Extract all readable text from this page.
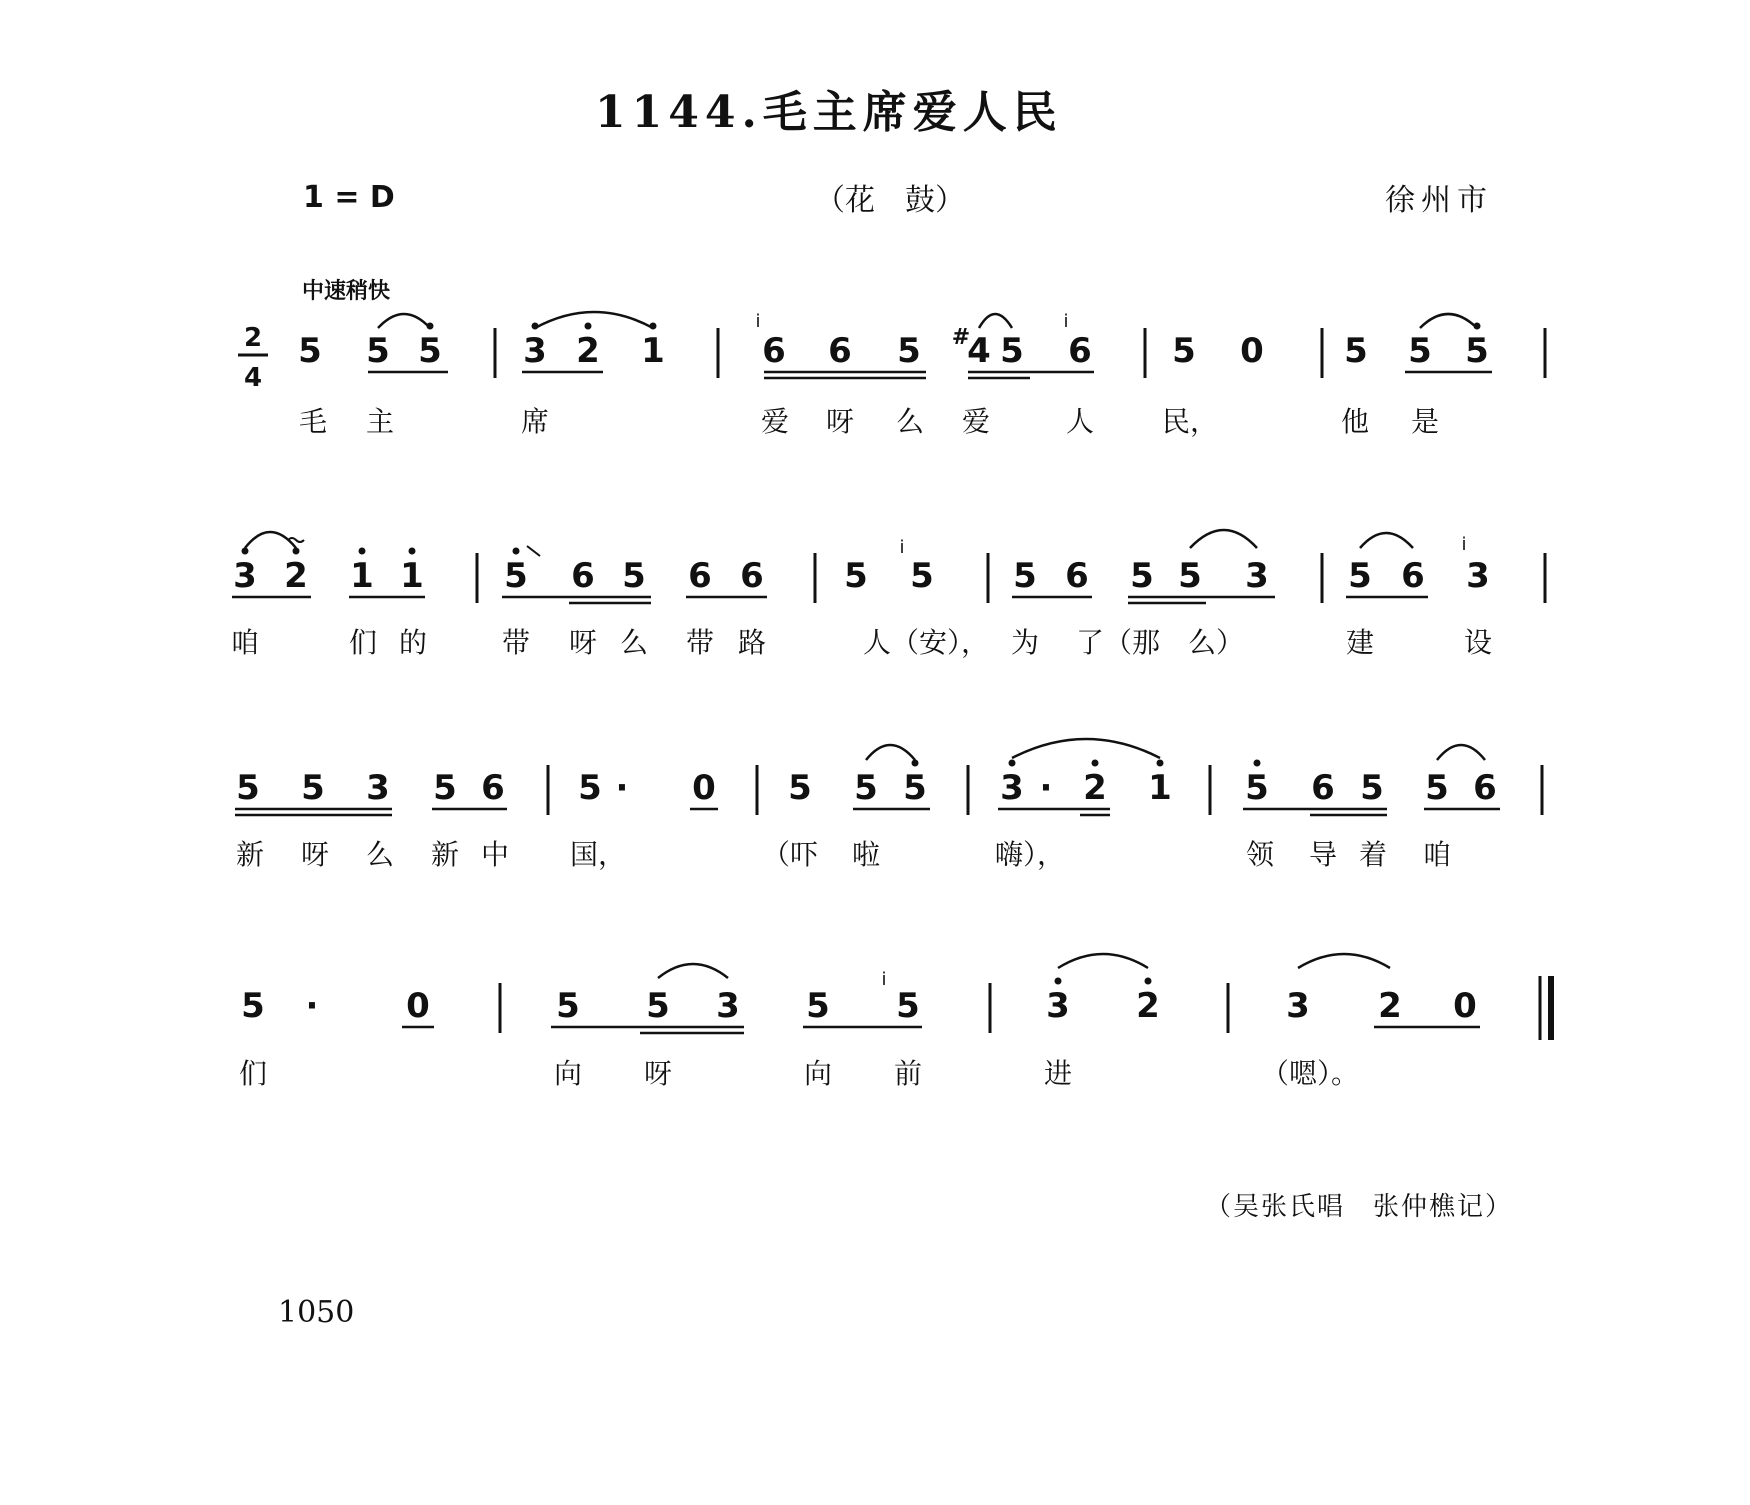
1144.毛主席爱人民
1 = D	（花　鼓）	徐州市
中速稍快
2
4
i	i
i	i
i
5 5 5 3 2 1	6 6 5 4
# 5 6 5 0 5 5 5
3 2 1 1 5 6 5 6 6 5 5 5 6 5 5 3 5 6 3
5 5 3 5 6 5 · 0 5 5 5 3 · 2 1 5 6 5 5 6
5 ·	0	5 5 3 5 5	3 2	3 2 0
毛 主	席	爱 呀 么 爱	人 民，	他 是
咱	们 的	带 呀 么 带 路	人（安）， 为 了（那　么）	建	设
新 呀 么 新 中 国，	（吓 啦	嗨），	领 导 着 咱
们	向 呀	向 前	进	（嗯）。
（吴张氏唱　张仲樵记）
1050
